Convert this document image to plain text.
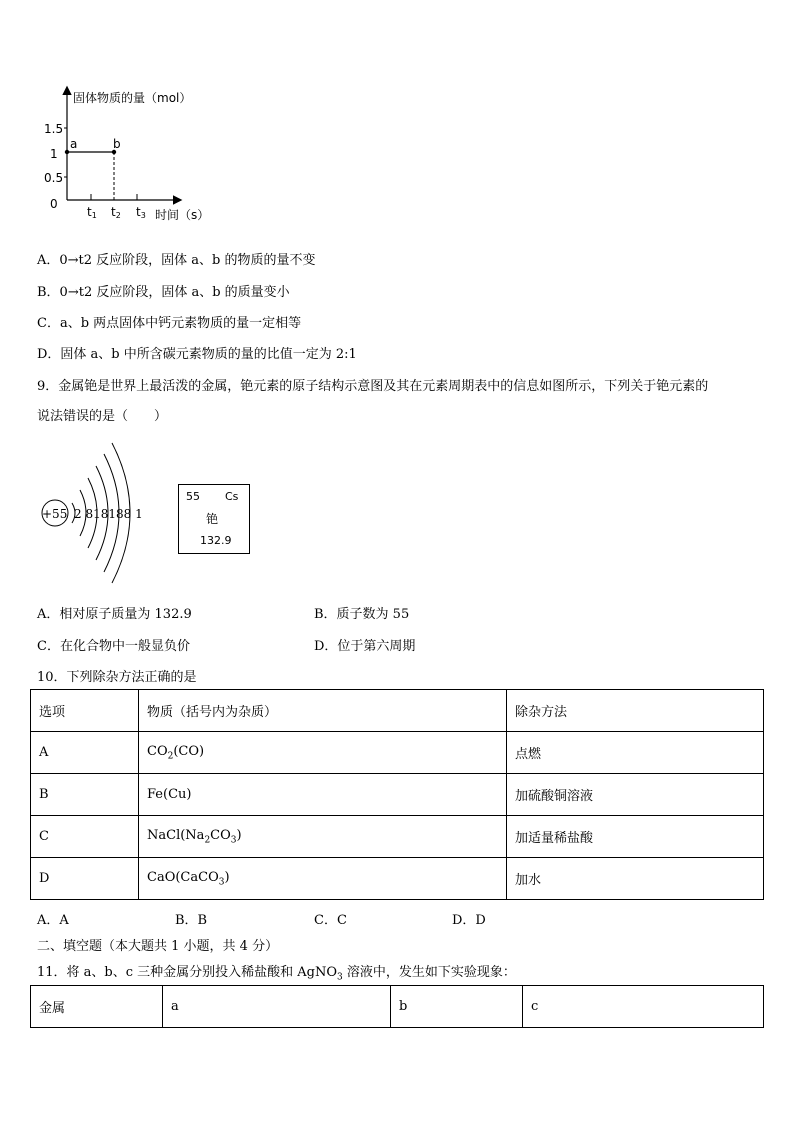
固体物质的量（mol）
时间（s）
1.5
1
0.5
0
a	b
t1 t2 t3
A．0→t2 反应阶段，固体 a、b 的物质的量不变
B．0→t2 反应阶段，固体 a、b 的质量变小
C．a、b 两点固体中钙元素物质的量一定相等
D．固体 a、b 中所含碳元素物质的量的比值一定为 2:1
9．金属铯是世界上最活泼的金属，铯元素的原子结构示意图及其在元素周期表中的信息如图所示，下列关于铯元素的
说法错误的是（　　）
+55 2 818188 1
55 Cs
铯
132.9
A．相对原子质量为 132.9	B．质子数为 55
C．在化合物中一般显负价	D．位于第六周期
10．下列除杂方法正确的是
选项	物质（括号内为杂质）	除杂方法
A	$CO_2(CO)$	点燃
B	Fe(Cu)	加硫酸铜溶液
C	$NaCl(Na_2CO_3)$	加适量稀盐酸
D	CaO(CaCO$_3$)	加水
A．A	B．B	C．C	D．D
二、填空题（本大题共 1 小题，共 4 分）
11．将 a、b、c 三种金属分别投入稀盐酸和 AgNO$_3$ 溶液中，发生如下实验现象：
金属	a	b	c
